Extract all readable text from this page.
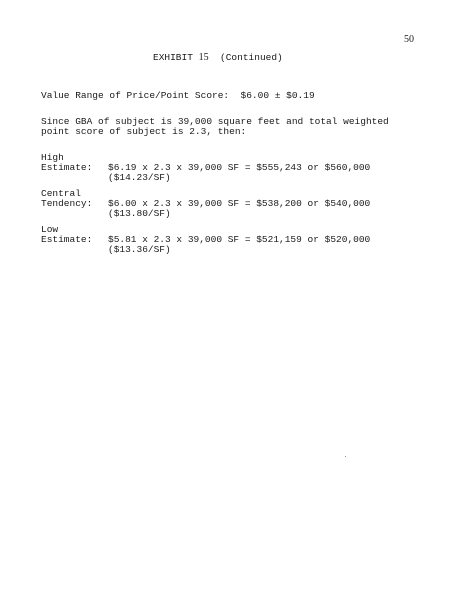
50
EXHIBIT 15 (Continued)
Value Range of Price/Point Score:  $6.00 ± $0.19
Since GBA of subject is 39,000 square feet and total weighted
point score of subject is 2.3, then:
High
Estimate: $6.19 x 2.3 x 39,000 SF = $555,243 or $560,000
($14.23/SF)
Central
Tendency: $6.00 x 2.3 x 39,000 SF = $538,200 or $540,000
($13.80/SF)
Low
Estimate: $5.81 x 2.3 x 39,000 SF = $521,159 or $520,000
($13.36/SF)
